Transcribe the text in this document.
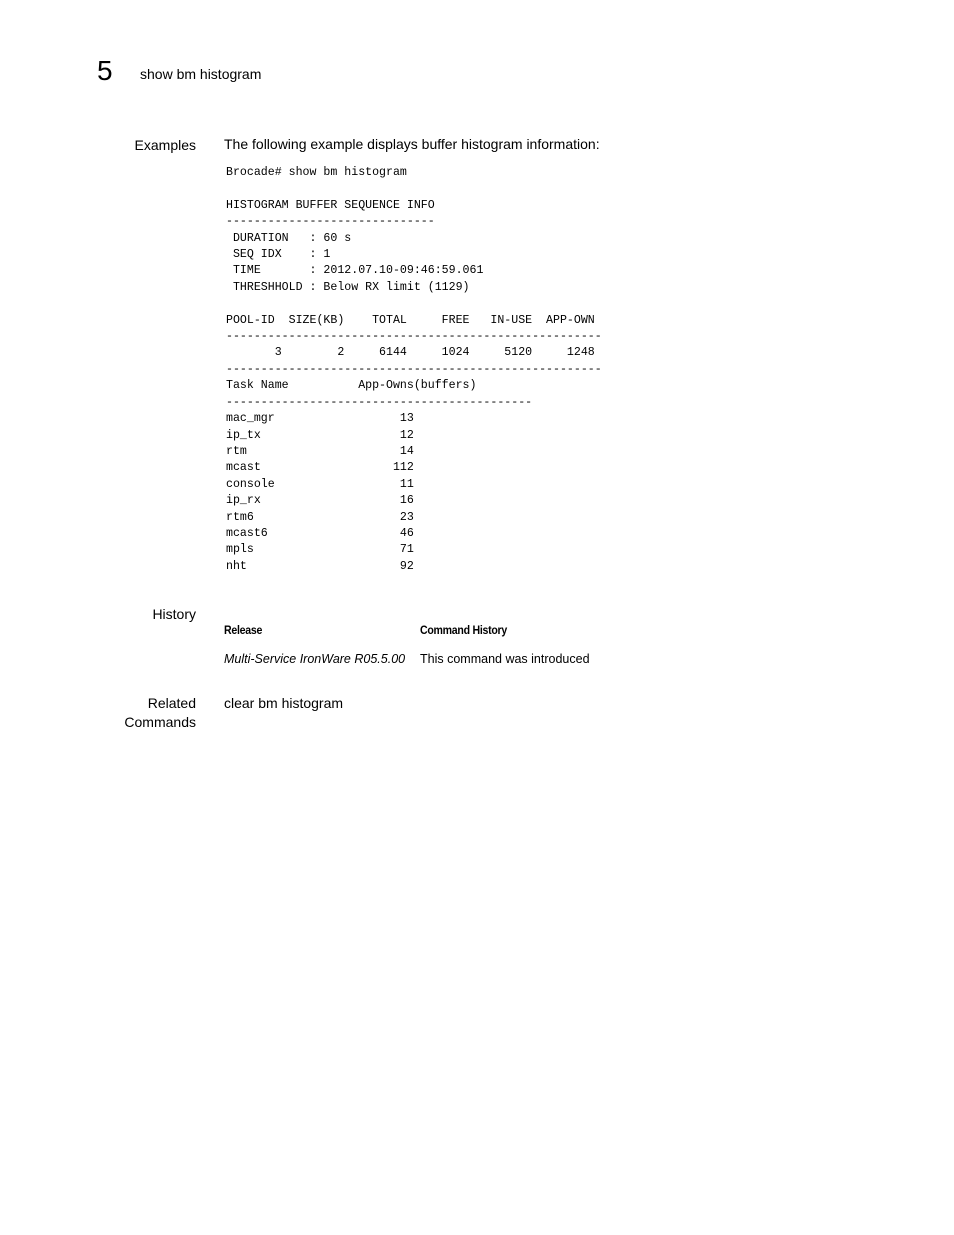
5 show bm histogram
Examples The following example displays buffer histogram information:
Brocade# show bm histogram

HISTOGRAM BUFFER SEQUENCE INFO
------------------------------
DURATION   : 60 s
SEQ IDX    : 1
TIME       : 2012.07.10-09:46:59.061
THRESHHOLD : Below RX limit (1129)

POOL-ID  SIZE(KB)    TOTAL     FREE   IN-USE  APP-OWN
------------------------------------------------------
3        2     6144     1024     5120     1248
------------------------------------------------------
Task Name          App-Owns(buffers)
--------------------------------------------
mac_mgr                  13
ip_tx                    12
rtm                      14
mcast                   112
console                  11
ip_rx                    16
rtm6                     23
mcast6                   46
mpls                     71
nht                      92
History
Release	Command History
Multi-Service IronWare R05.5.00 This command was introduced
Related
Commands
clear bm histogram
